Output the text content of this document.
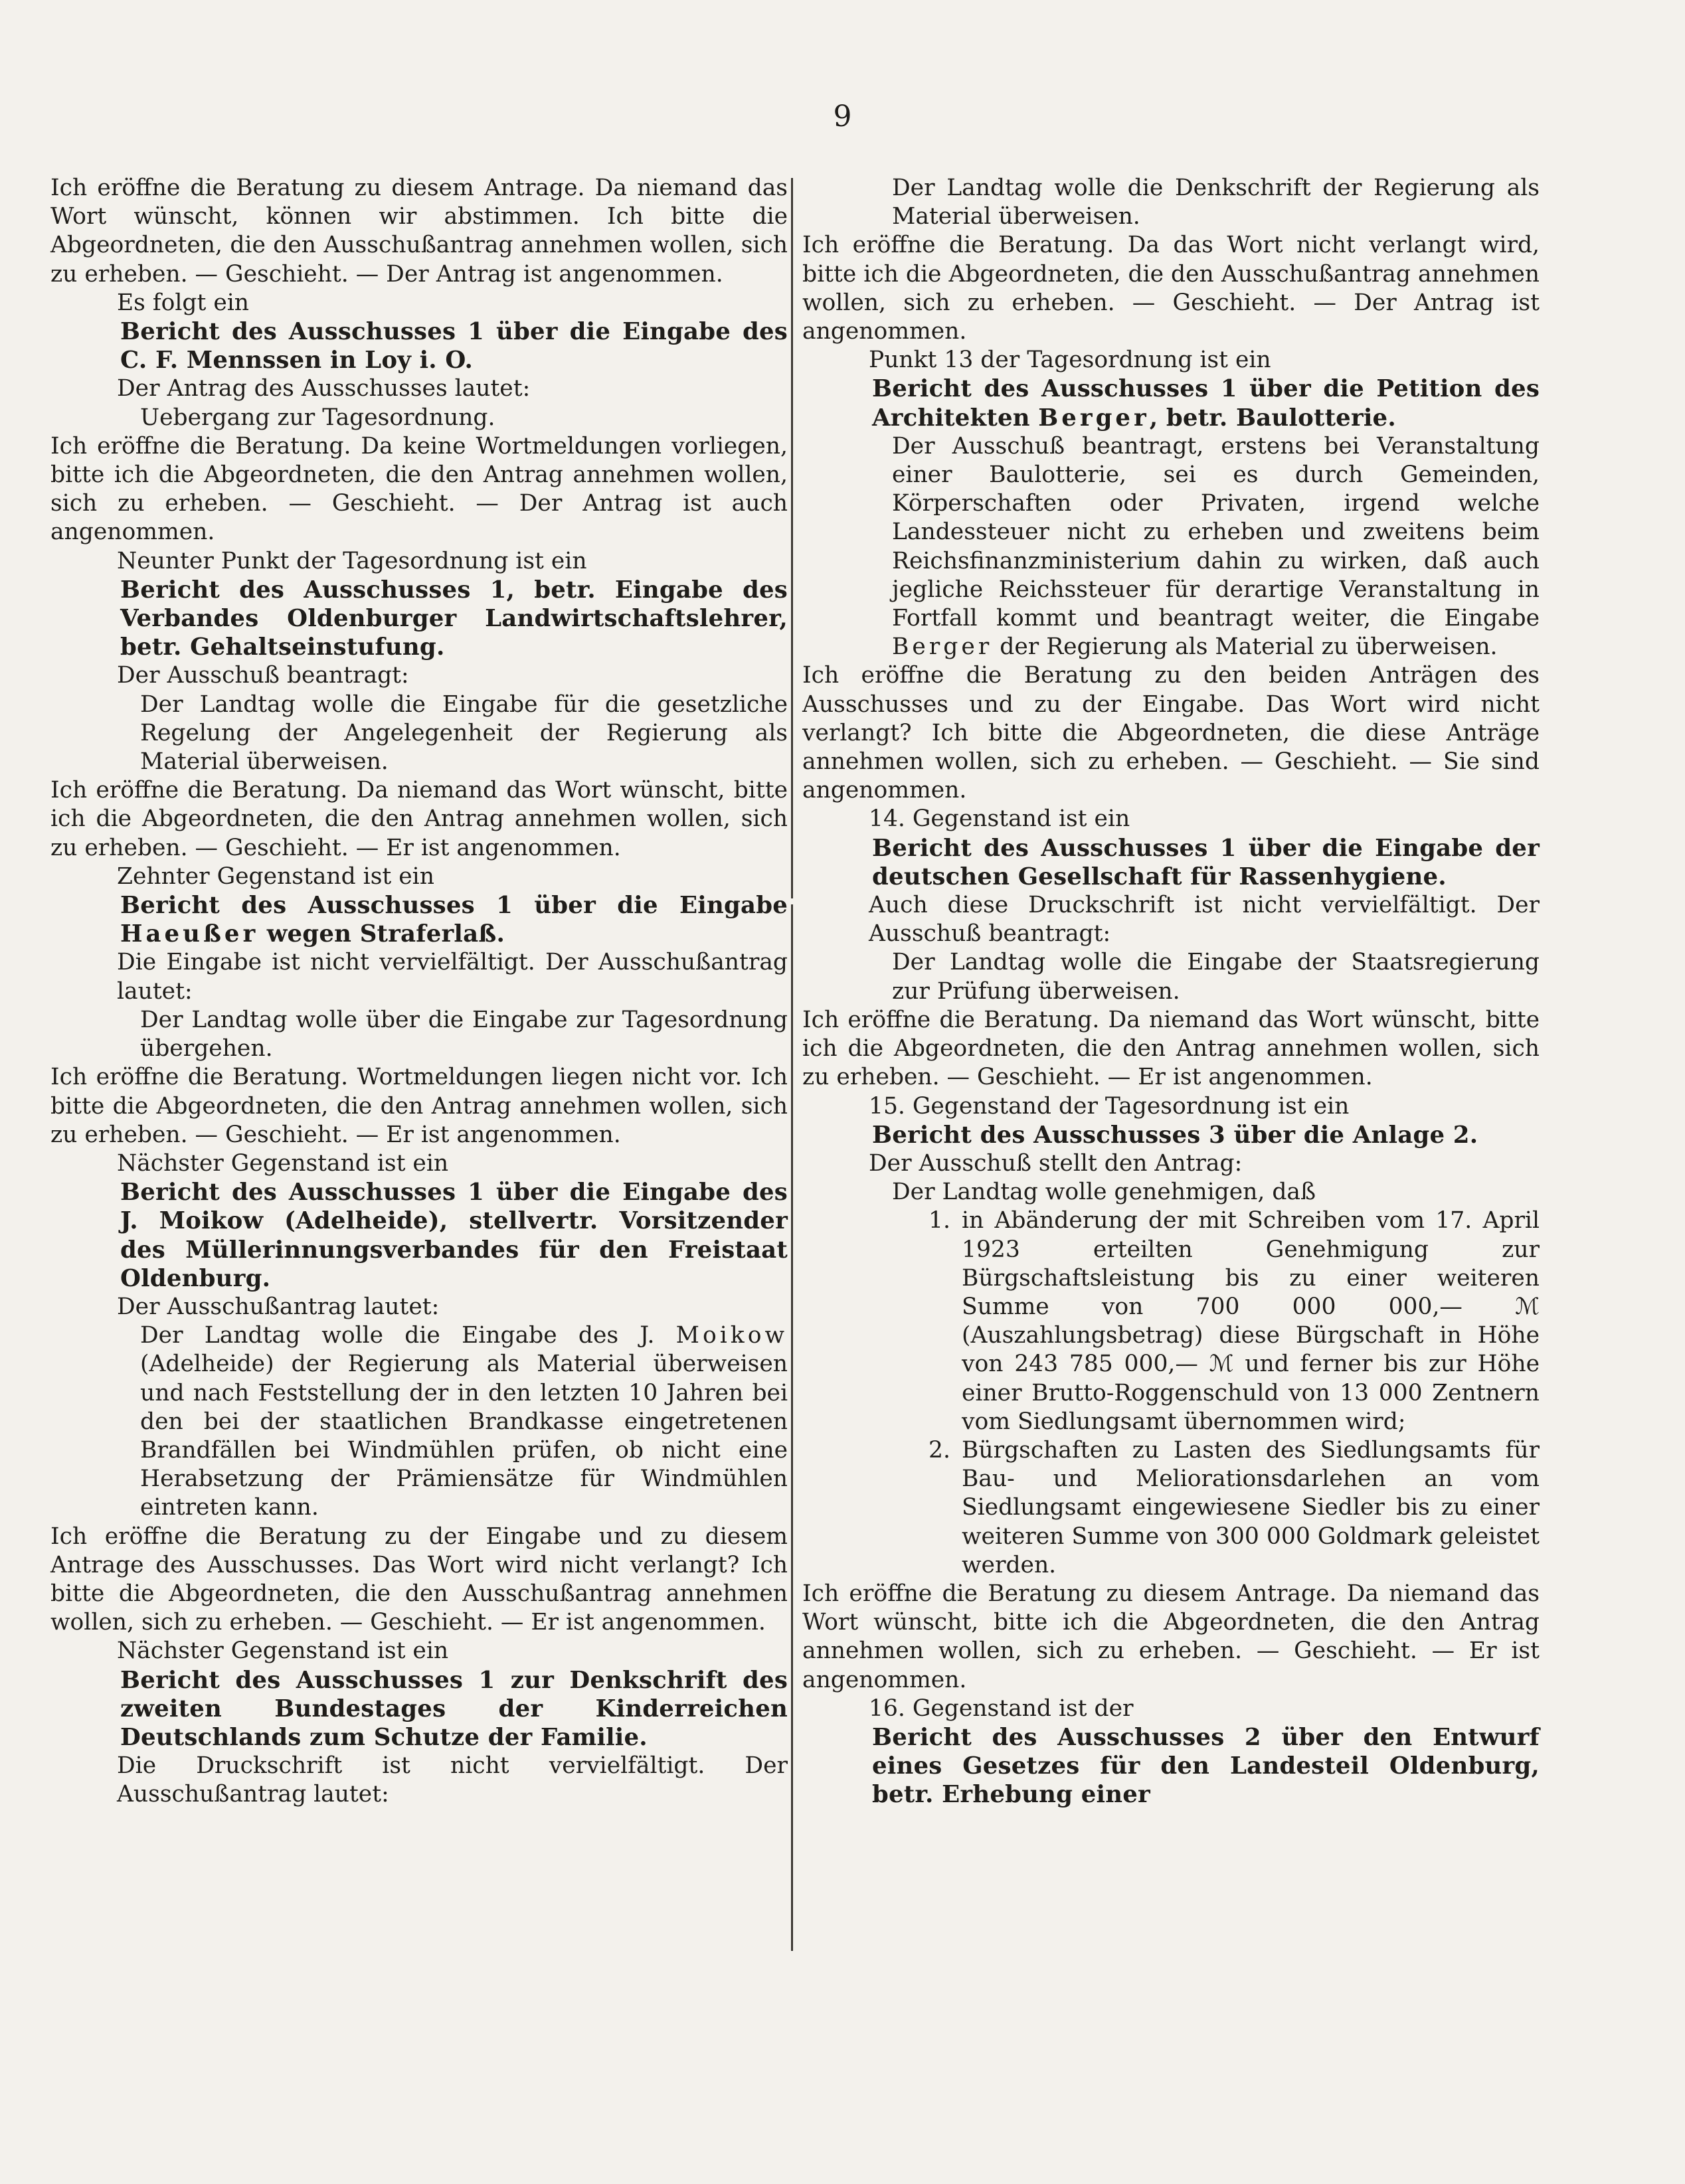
9

Ich eröffne die Beratung zu diesem Antrage. Da niemand das Wort wünscht, können wir abstimmen. Ich bitte die Abgeordneten, die den Ausschußantrag annehmen wollen, sich zu erheben. — Geschieht. — Der Antrag ist angenommen.

Es folgt ein

Bericht des Ausschusses 1 über die Eingabe des C. F. Mennssen in Loy i. O.

Der Antrag des Ausschusses lautet:

Uebergang zur Tagesordnung.

Ich eröffne die Beratung. Da keine Wortmeldungen vorliegen, bitte ich die Abgeordneten, die den Antrag annehmen wollen, sich zu erheben. — Geschieht. — Der Antrag ist auch angenommen.

Neunter Punkt der Tagesordnung ist ein

Bericht des Ausschusses 1, betr. Eingabe des Verbandes Oldenburger Landwirtschaftslehrer, betr. Gehaltseinstufung.

Der Ausschuß beantragt:

Der Landtag wolle die Eingabe für die gesetzliche Regelung der Angelegenheit der Regierung als Material überweisen.

Ich eröffne die Beratung. Da niemand das Wort wünscht, bitte ich die Abgeordneten, die den Antrag annehmen wollen, sich zu erheben. — Geschieht. — Er ist angenommen.

Zehnter Gegenstand ist ein

Bericht des Ausschusses 1 über die Eingabe Haeußer wegen Straferlaß.

Die Eingabe ist nicht vervielfältigt. Der Ausschußantrag lautet:

Der Landtag wolle über die Eingabe zur Tagesordnung übergehen.

Ich eröffne die Beratung. Wortmeldungen liegen nicht vor. Ich bitte die Abgeordneten, die den Antrag annehmen wollen, sich zu erheben. — Geschieht. — Er ist angenommen.

Nächster Gegenstand ist ein

Bericht des Ausschusses 1 über die Eingabe des J. Moikow (Adelheide), stellvertr. Vorsitzender des Müllerinnungsverbandes für den Freistaat Oldenburg.

Der Ausschußantrag lautet:

Der Landtag wolle die Eingabe des J. Moikow (Adelheide) der Regierung als Material überweisen und nach Feststellung der in den letzten 10 Jahren bei den bei der staatlichen Brandkasse eingetretenen Brandfällen bei Windmühlen prüfen, ob nicht eine Herabsetzung der Prämiensätze für Windmühlen eintreten kann.

Ich eröffne die Beratung zu der Eingabe und zu diesem Antrage des Ausschusses. Das Wort wird nicht verlangt? Ich bitte die Abgeordneten, die den Ausschußantrag annehmen wollen, sich zu erheben. — Geschieht. — Er ist angenommen.

Nächster Gegenstand ist ein

Bericht des Ausschusses 1 zur Denkschrift des zweiten Bundestages der Kinderreichen Deutschlands zum Schutze der Familie.

Die Druckschrift ist nicht vervielfältigt. Der Ausschußantrag lautet:

Der Landtag wolle die Denkschrift der Regierung als Material überweisen.

Ich eröffne die Beratung. Da das Wort nicht verlangt wird, bitte ich die Abgeordneten, die den Ausschußantrag annehmen wollen, sich zu erheben. — Geschieht. — Der Antrag ist angenommen.

Punkt 13 der Tagesordnung ist ein

Bericht des Ausschusses 1 über die Petition des Architekten Berger, betr. Baulotterie.

Der Ausschuß beantragt, erstens bei Veranstaltung einer Baulotterie, sei es durch Gemeinden, Körperschaften oder Privaten, irgend welche Landessteuer nicht zu erheben und zweitens beim Reichsfinanzministerium dahin zu wirken, daß auch jegliche Reichssteuer für derartige Veranstaltung in Fortfall kommt und beantragt weiter, die Eingabe Berger der Regierung als Material zu überweisen.

Ich eröffne die Beratung zu den beiden Anträgen des Ausschusses und zu der Eingabe. Das Wort wird nicht verlangt? Ich bitte die Abgeordneten, die diese Anträge annehmen wollen, sich zu erheben. — Geschieht. — Sie sind angenommen.

14. Gegenstand ist ein

Bericht des Ausschusses 1 über die Eingabe der deutschen Gesellschaft für Rassenhygiene.

Auch diese Druckschrift ist nicht vervielfältigt. Der Ausschuß beantragt:

Der Landtag wolle die Eingabe der Staatsregierung zur Prüfung überweisen.

Ich eröffne die Beratung. Da niemand das Wort wünscht, bitte ich die Abgeordneten, die den Antrag annehmen wollen, sich zu erheben. — Geschieht. — Er ist angenommen.

15. Gegenstand der Tagesordnung ist ein

Bericht des Ausschusses 3 über die Anlage 2.

Der Ausschuß stellt den Antrag:

Der Landtag wolle genehmigen, daß

1. in Abänderung der mit Schreiben vom 17. April 1923 erteilten Genehmigung zur Bürgschaftsleistung bis zu einer weiteren Summe von 700 000 000,— ℳ (Auszahlungsbetrag) diese Bürgschaft in Höhe von 243 785 000,— ℳ und ferner bis zur Höhe einer Brutto-Roggenschuld von 13 000 Zentnern vom Siedlungsamt übernommen wird;

2. Bürgschaften zu Lasten des Siedlungsamts für Bau- und Meliorationsdarlehen an vom Siedlungsamt eingewiesene Siedler bis zu einer weiteren Summe von 300 000 Goldmark geleistet werden.

Ich eröffne die Beratung zu diesem Antrage. Da niemand das Wort wünscht, bitte ich die Abgeordneten, die den Antrag annehmen wollen, sich zu erheben. — Geschieht. — Er ist angenommen.

16. Gegenstand ist der

Bericht des Ausschusses 2 über den Entwurf eines Gesetzes für den Landesteil Oldenburg, betr. Erhebung einer
